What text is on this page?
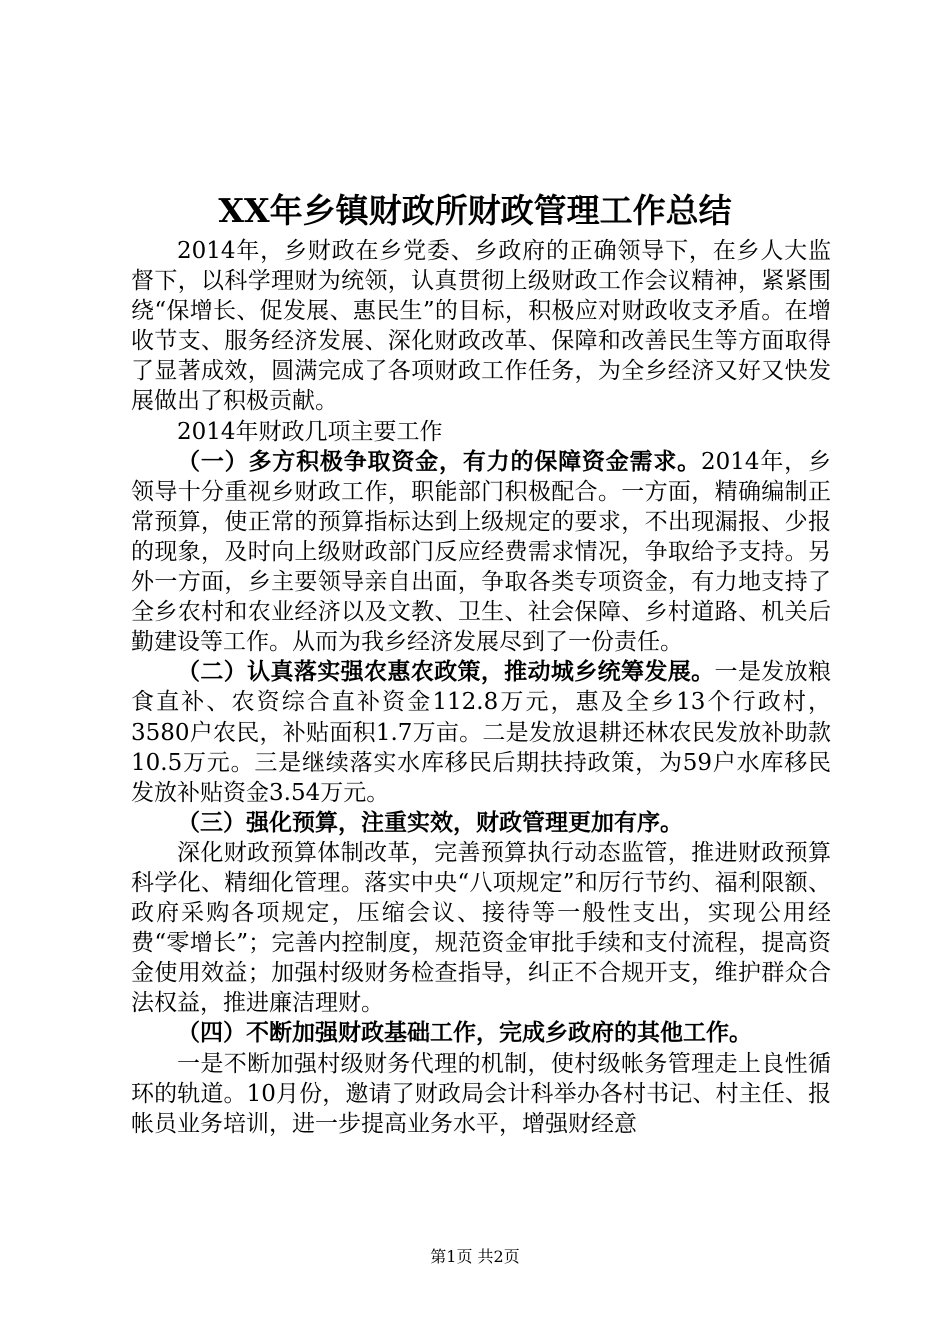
XX年乡镇财政所财政管理工作总结

2014年，乡财政在乡党委、乡政府的正确领导下，在乡人大监督下，以科学理财为统领，认真贯彻上级财政工作会议精神，紧紧围绕“保增长、促发展、惠民生”的目标，积极应对财政收支矛盾。在增收节支、服务经济发展、深化财政改革、保障和改善民生等方面取得了显著成效，圆满完成了各项财政工作任务，为全乡经济又好又快发展做出了积极贡献。

2014年财政几项主要工作

（一）多方积极争取资金，有力的保障资金需求。2014年，乡领导十分重视乡财政工作，职能部门积极配合。一方面，精确编制正常预算，使正常的预算指标达到上级规定的要求，不出现漏报、少报的现象，及时向上级财政部门反应经费需求情况，争取给予支持。另外一方面，乡主要领导亲自出面，争取各类专项资金，有力地支持了全乡农村和农业经济以及文教、卫生、社会保障、乡村道路、机关后勤建设等工作。从而为我乡经济发展尽到了一份责任。

（二）认真落实强农惠农政策，推动城乡统筹发展。一是发放粮食直补、农资综合直补资金112.8万元，惠及全乡13个行政村，3580户农民，补贴面积1.7万亩。二是发放退耕还林农民发放补助款10.5万元。三是继续落实水库移民后期扶持政策，为59户水库移民发放补贴资金3.54万元。

（三）强化预算，注重实效，财政管理更加有序。

深化财政预算体制改革，完善预算执行动态监管，推进财政预算科学化、精细化管理。落实中央“八项规定”和厉行节约、福利限额、政府采购各项规定，压缩会议、接待等一般性支出，实现公用经费“零增长”；完善内控制度，规范资金审批手续和支付流程，提高资金使用效益；加强村级财务检查指导，纠正不合规开支，维护群众合法权益，推进廉洁理财。

（四）不断加强财政基础工作，完成乡政府的其他工作。

一是不断加强村级财务代理的机制，使村级帐务管理走上良性循环的轨道。10月份，邀请了财政局会计科举办各村书记、村主任、报帐员业务培训，进一步提高业务水平，增强财经意

第1页 共2页
